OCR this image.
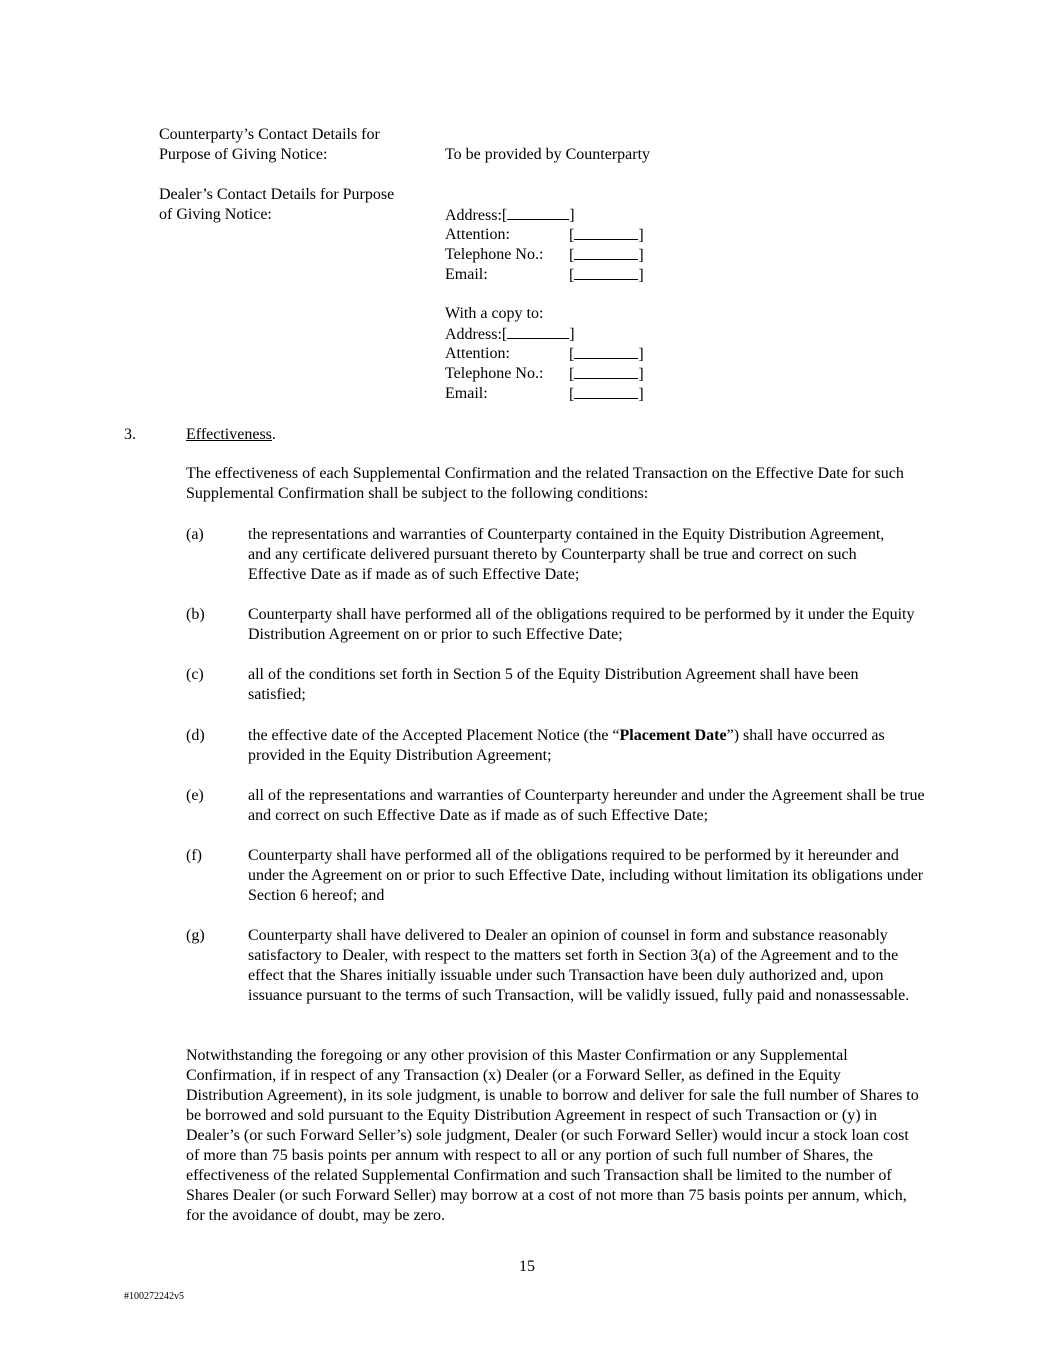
Counterparty’s Contact Details for
Purpose of Giving Notice:	To be provided by Counterparty
Dealer’s Contact Details for Purpose
of Giving Notice:	Address:[	]
Attention:	[	]
Telephone No.: [	]
Email:	[	]
With a copy to:
Address:[	]
Attention:	[	]
Telephone No.: [	]
Email:	[	]
3.	Effectiveness.
The effectiveness of each Supplemental Confirmation and the related Transaction on the Effective Date for such Supplemental Confirmation shall be subject to the following conditions:
(a)	the representations and warranties of Counterparty contained in the Equity Distribution Agreement, and any certificate delivered pursuant thereto by Counterparty shall be true and correct on such Effective Date as if made as of such Effective Date;
(b)	Counterparty shall have performed all of the obligations required to be performed by it under the Equity Distribution Agreement on or prior to such Effective Date;
(c)	all of the conditions set forth in Section 5 of the Equity Distribution Agreement shall have been satisfied;
(d)	the effective date of the Accepted Placement Notice (the “Placement Date”) shall have occurred as provided in the Equity Distribution Agreement;
(e)	all of the representations and warranties of Counterparty hereunder and under the Agreement shall be true and correct on such Effective Date as if made as of such Effective Date;
(f)	Counterparty shall have performed all of the obligations required to be performed by it hereunder and under the Agreement on or prior to such Effective Date, including without limitation its obligations under Section 6 hereof; and
(g)	Counterparty shall have delivered to Dealer an opinion of counsel in form and substance reasonably satisfactory to Dealer, with respect to the matters set forth in Section 3(a) of the Agreement and to the effect that the Shares initially issuable under such Transaction have been duly authorized and, upon issuance pursuant to the terms of such Transaction, will be validly issued, fully paid and nonassessable.
Notwithstanding the foregoing or any other provision of this Master Confirmation or any Supplemental Confirmation, if in respect of any Transaction (x) Dealer (or a Forward Seller, as defined in the Equity Distribution Agreement), in its sole judgment, is unable to borrow and deliver for sale the full number of Shares to be borrowed and sold pursuant to the Equity Distribution Agreement in respect of such Transaction or (y) in Dealer’s (or such Forward Seller’s) sole judgment, Dealer (or such Forward Seller) would incur a stock loan cost of more than 75 basis points per annum with respect to all or any portion of such full number of Shares, the effectiveness of the related Supplemental Confirmation and such Transaction shall be limited to the number of Shares Dealer (or such Forward Seller) may borrow at a cost of not more than 75 basis points per annum, which, for the avoidance of doubt, may be zero.
15
#100272242v5
